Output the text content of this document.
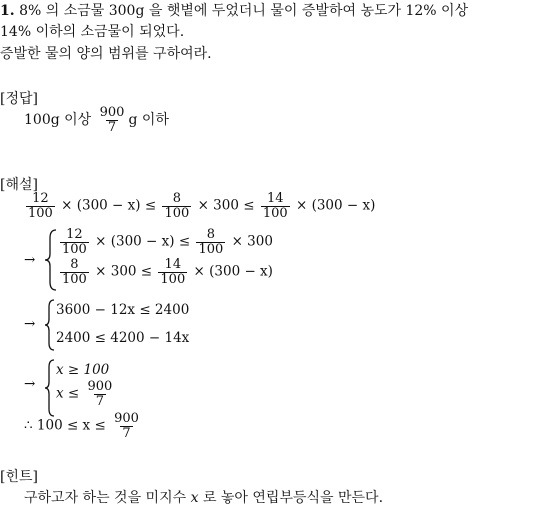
1. 8% 의 소금물 300g 을 햇볕에 두었더니 물이 증발하여 농도가 12% 이상
14% 이하의 소금물이 되었다.
증발한 물의 양의 범위를 구하여라.
[정답]
100g 이상 $\frac{900}{7}$ g 이하
[해설]
$\frac{12}{100} \times (300 - x) \le \frac{8}{100} \times 300 \le \frac{14}{100} \times (300 - x)$
→
$\frac{12}{100} \times (300 - x) \le \frac{8}{100} \times 300$
$\frac{8}{100} \times 300 \le \frac{14}{100} \times (300 - x)$
→
3600 − 12x ≤ 2400
2400 ≤ 4200 − 14x
→
x ≥ 100
$x \le \frac{900}{7}$
∴ $100 \le x \le \frac{900}{7}$
[힌트]
구하고자 하는 것을 미지수 x 로 놓아 연립부등식을 만든다.
